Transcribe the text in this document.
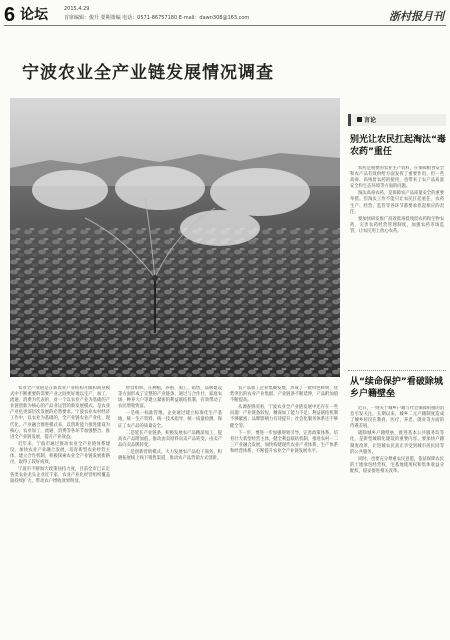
6 论坛	2015.4.29
首席编辑：俊升 要期策编 电话：0571-86757180 E-mail：dawn308@163.com	浙村报月刊
宁波农业全产业链发展情况调查

农业全产业链是在新农业产业结构升级和商业模式中不断重要的需要产业之间更好地以生产、加工、流通、消费为代表的、对一个以农业产业为基础的产业链创新为核心的产品业运营的新发展模式。是农业产业化更深层次发展的必然要求。宁波农业农村经济工作中，以农业为基础的，全产业链农业产业化、现代化、产业融合推进模式来，以创新能力推进建设为核心，农业加工、流通、消费等各环节加强整合，推进全产业链发展，提升产业效益。

近年来，宁波市通过推动农业全产业链体系建设，加快农业产业融合发展，培育新型农业经营主体，建立合作机制，积极探索农业全产业链发展新路径，取得了较好成效。

宁波市不断加大政策扶持力度，目前全市已认定各类农业龙头企业近千家，农业产业化经营组织覆盖面持续扩大，带动农户增收效果明显。

经营组织，在种植、养殖、加工、销售、品牌建设等方面形成了完整的产业链条，通过与合作社、家庭农场、种养大户等建立紧密的利益联结机制，有效带动了农民增收致富。

一是统一标准管理。企业通过建立标准化生产基地，统一生产资料、统一技术指导、统一质量检测，保证了农产品的质量安全。

二是延长产业链条。积极发展农产品精深加工，提高农产品附加值，推动由卖原料向卖产品转变，由卖产品向卖品牌转变。

三是创新营销模式。大力发展农产品电子商务，积极拓展线上线下销售渠道，推动农产品营销方式创新。

农产品加工企业集聚发展，形成了一批特色鲜明、优势突出的农业产业集群，产业链条不断延伸，产品附加值不断提高。

从调查情况看，宁波农业全产业链发展中还存在一些问题：产业链条较短，精深加工能力不足；利益联结机制不够紧密；品牌影响力有待提升；社会化服务体系还不够健全等。

下一步，要进一步加强规划引导，完善政策体系，培育壮大新型经营主体，健全利益联结机制，推进农村一二三产业融合发展，加快构建现代农业产业体系、生产体系和经营体系，不断提升农业全产业链发展水平。

言论
别光让农民扛起淘汰“毒农药”重任

农药是重要的农业生产资料，在保障粮食安全和农产品有效供给方面发挥了重要作用。但一些高毒、高残留农药的使用，也带来了农产品质量安全和生态环境等方面的问题。

淘汰高毒农药，是保障农产品质量安全的重要举措。但淘汰工作不能只让农民扛起重任，农药生产、经营、监管等各环节都要承担起相应的责任。

要加快研发推广高效低毒低残留农药和生物农药，完善农药经营管理制度，加强农药市场监管，让农民用上放心农药。

从“续命保护”看破除城乡户籍壁垒

近日，一则关于城乡户籍与社会保障衔接的消息引发关注。长期以来，城乡二元户籍制度造成了城乡居民在教育、医疗、养老、就业等方面的待遇差别。

破除城乡户籍壁垒，推进基本公共服务均等化，是新型城镇化建设的重要内容。要加快户籍制度改革，让进城农民真正享受到城市居民同等的公共服务。

同时，也要充分尊重农民意愿，依法保障农民的土地承包经营权、宅基地使用权和集体收益分配权，稳妥推进相关改革。
